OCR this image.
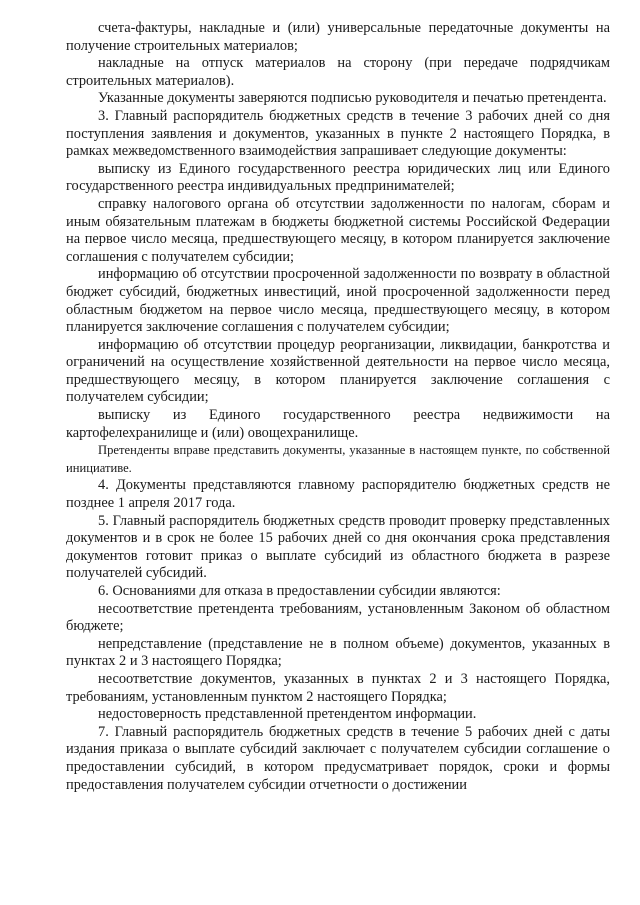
счета-фактуры, накладные и (или) универсальные передаточные документы на получение строительных материалов;

накладные на отпуск материалов на сторону (при передаче подрядчикам строительных материалов).

Указанные документы заверяются подписью руководителя и печатью претендента.

3. Главный распорядитель бюджетных средств в течение 3 рабочих дней со дня поступления заявления и документов, указанных в пункте 2 настоящего Порядка, в рамках межведомственного взаимодействия запрашивает следующие документы:

выписку из Единого государственного реестра юридических лиц или Единого государственного реестра индивидуальных предпринимателей;

справку налогового органа об отсутствии задолженности по налогам, сборам и иным обязательным платежам в бюджеты бюджетной системы Российской Федерации на первое число месяца, предшествующего месяцу, в котором планируется заключение соглашения с получателем субсидии;

информацию об отсутствии просроченной задолженности по возврату в областной бюджет субсидий, бюджетных инвестиций, иной просроченной задолженности перед областным бюджетом на первое число месяца, предшествующего месяцу, в котором планируется заключение соглашения с получателем субсидии;

информацию об отсутствии процедур реорганизации, ликвидации, банкротства и ограничений на осуществление хозяйственной деятельности на первое число месяца, предшествующего месяцу, в котором планируется заключение соглашения с получателем субсидии;

выписку из Единого государственного реестра недвижимости на картофелехранилище и (или) овощехранилище.

Претенденты вправе представить документы, указанные в настоящем пункте, по собственной инициативе.

4. Документы представляются главному распорядителю бюджетных средств не позднее 1 апреля 2017 года.

5. Главный распорядитель бюджетных средств проводит проверку представленных документов и в срок не более 15 рабочих дней со дня окончания срока представления документов готовит приказ о выплате субсидий из областного бюджета в разрезе получателей субсидий.

6. Основаниями для отказа в предоставлении субсидии являются:

несоответствие претендента требованиям, установленным Законом об областном бюджете;

непредставление (представление не в полном объеме) документов, указанных в пунктах 2 и 3 настоящего Порядка;

несоответствие документов, указанных в пунктах 2 и 3 настоящего Порядка, требованиям, установленным пунктом 2 настоящего Порядка;

недостоверность представленной претендентом информации.

7. Главный распорядитель бюджетных средств в течение 5 рабочих дней с даты издания приказа о выплате субсидий заключает с получателем субсидии соглашение о предоставлении субсидий, в котором предусматривает порядок, сроки и формы предоставления получателем субсидии отчетности о достижении
